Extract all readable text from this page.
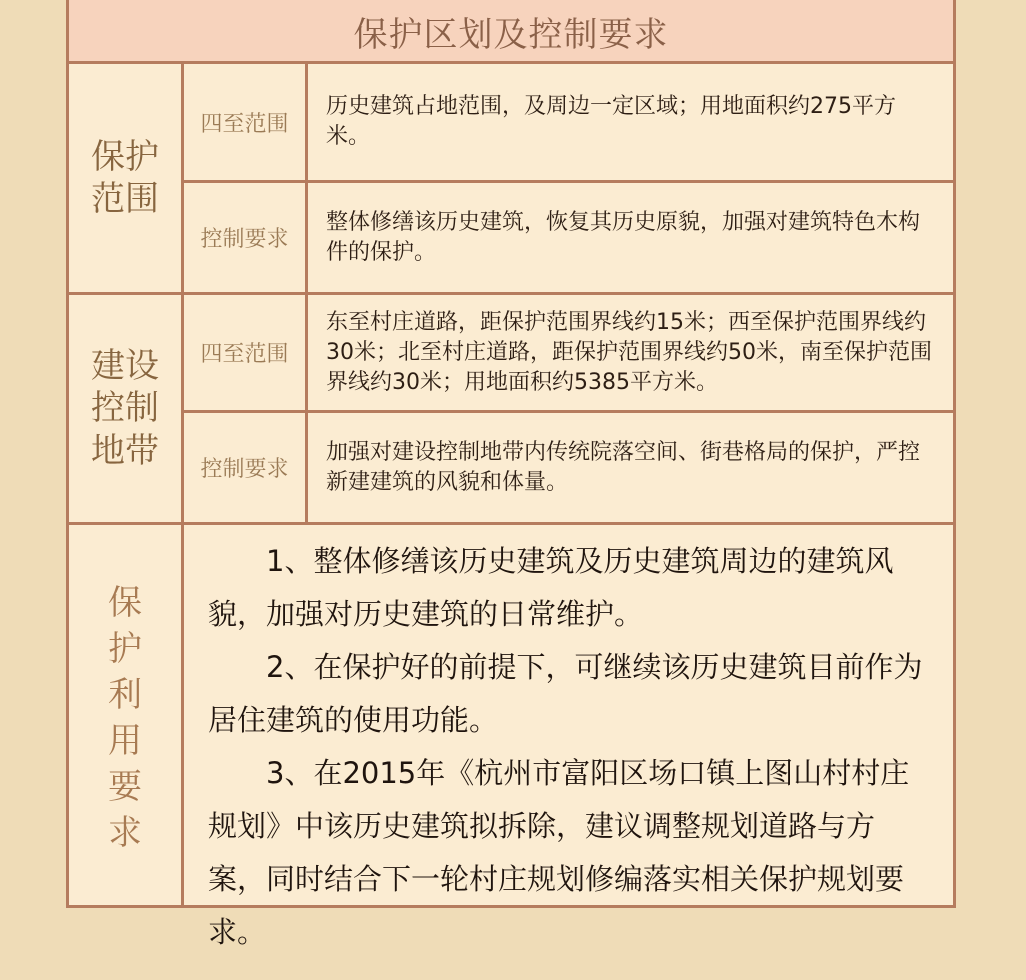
保护区划及控制要求
保护
范围
四至范围

历史建筑占地范围，及周边一定区域；用地面积约275平方米。

控制要求

整体修缮该历史建筑，恢复其历史原貌，加强对建筑特色木构件的保护。

建设
控制
地带
四至范围

东至村庄道路，距保护范围界线约15米；西至保护范围界线约30米；北至村庄道路，距保护范围界线约50米，南至保护范围界线约30米；用地面积约5385平方米。

控制要求

加强对建设控制地带内传统院落空间、街巷格局的保护，严控新建建筑的风貌和体量。

保
护
利
用
要
求

1、整体修缮该历史建筑及历史建筑周边的建筑风貌，加强对历史建筑的日常维护。

2、在保护好的前提下，可继续该历史建筑目前作为居住建筑的使用功能。

3、在2015年《杭州市富阳区场口镇上图山村村庄规划》中该历史建筑拟拆除，建议调整规划道路与方案，同时结合下一轮村庄规划修编落实相关保护规划要求。
